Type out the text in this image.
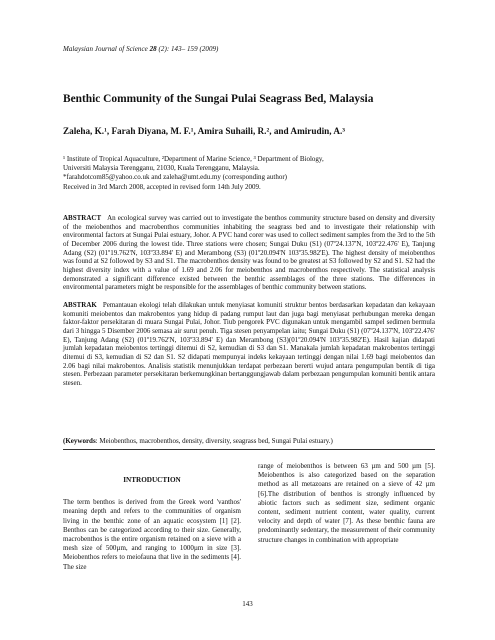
Malaysian Journal of Science 28 (2): 143– 159 (2009)
Benthic Community of the Sungai Pulai Seagrass Bed, Malaysia
Zaleha, K.¹, Farah Diyana, M. F.¹, Amira Suhaili, R.², and Amirudin, A.³
¹ Institute of Tropical Aquaculture, ²Department of Marine Science, ³ Department of Biology,
Universiti Malaysia Terengganu, 21030, Kuala Terengganu, Malaysia.
*farahdotcom85@yahoo.co.uk and zaleha@umt.edu.my (corresponding author)
Received in 3rd March 2008, accepted in revised form 14th July 2009.
ABSTRACT An ecological survey was carried out to investigate the benthos community structure based on density and diversity of the meiobenthos and macrobenthos communities inhabiting the seagrass bed and to investigate their relationship with environmental factors at Sungai Pulai estuary, Johor. A PVC hand corer was used to collect sediment samples from the 3rd to the 5th of December 2006 during the lowest tide. Three stations were chosen; Sungai Duku (S1) (07º24.137'N, 103º22.476' E), Tanjung Adang (S2) (01º19.762'N, 103º33.894' E) and Merambong (S3) (01º20.094'N 103º35.982'E). The highest density of meiobenthos was found at S2 followed by S3 and S1. The macrobenthos density was found to be greatest at S3 followed by S2 and S1. S2 had the highest diversity index with a value of 1.69 and 2.06 for meiobenthos and macrobenthos respectively. The statistical analysis demonstrated a significant difference existed between the benthic assemblages of the three stations. The differences in environmental parameters might be responsible for the assemblages of benthic community between stations.
ABSTRAK Pemantauan ekologi telah dilakukan untuk menyiasat komuniti struktur bentos berdasarkan kepadatan dan kekayaan komuniti meiobentos dan makrobentos yang hidup di padang rumput laut dan juga bagi menyiasat perhubungan mereka dengan faktor-faktor persekitaran di muara Sungai Pulai, Johor. Tiub pengorek PVC digunakan untuk mengambil sampel sedimen bermula dari 3 hingga 5 Disember 2006 semasa air surut penuh. Tiga stesen penyampelan iaitu; Sungai Duku (S1) (07º24.137'N, 103º22.476' E), Tanjung Adang (S2) (01º19.762'N, 103º33.894' E) dan Merambong (S3)(01º20.094'N 103º35.982'E). Hasil kajian didapati jumlah kepadatan meiobentos tertinggi ditemui di S2, kemudian di S3 dan S1. Manakala jumlah kepadatan makrobentos tertinggi ditemui di S3, kemudian di S2 dan S1. S2 didapati mempunyai indeks kekayaan tertinggi dengan nilai 1.69 bagi meiobentos dan 2.06 bagi nilai makrobentos. Analisis statistik menunjukkan terdapat perbezaan bererti wujud antara pengumpulan bentik di tiga stesen. Perbezaan parameter persekitaran berkemungkinan bertanggungjawab dalam perbezaan pengumpulan komuniti bentik antara stesen.
(Keywords: Meiobenthos, macrobenthos, density, diversity, seagrass bed, Sungai Pulai estuary.)
INTRODUCTION

The term benthos is derived from the Greek word 'vanthos' meaning depth and refers to the communities of organism living in the benthic zone of an aquatic ecosystem [1] [2]. Benthos can be categorized according to their size. Generally, macrobenthos is the entire organism retained on a sieve with a mesh size of 500µm, and ranging to 1000µm in size [3]. Meiobenthos refers to meiofauna that live in the sediments [4]. The size

range of meiobenthos is between 63 µm and 500 µm [5]. Meiobenthos is also categorized based on the separation method as all metazoans are retained on a sieve of 42 µm [6].The distribution of benthos is strongly influenced by abiotic factors such as sediment size, sediment organic content, sediment nutrient content, water quality, current velocity and depth of water [7]. As these benthic fauna are predominantly sedentary, the measurement of their community structure changes in combination with appropriate

143
